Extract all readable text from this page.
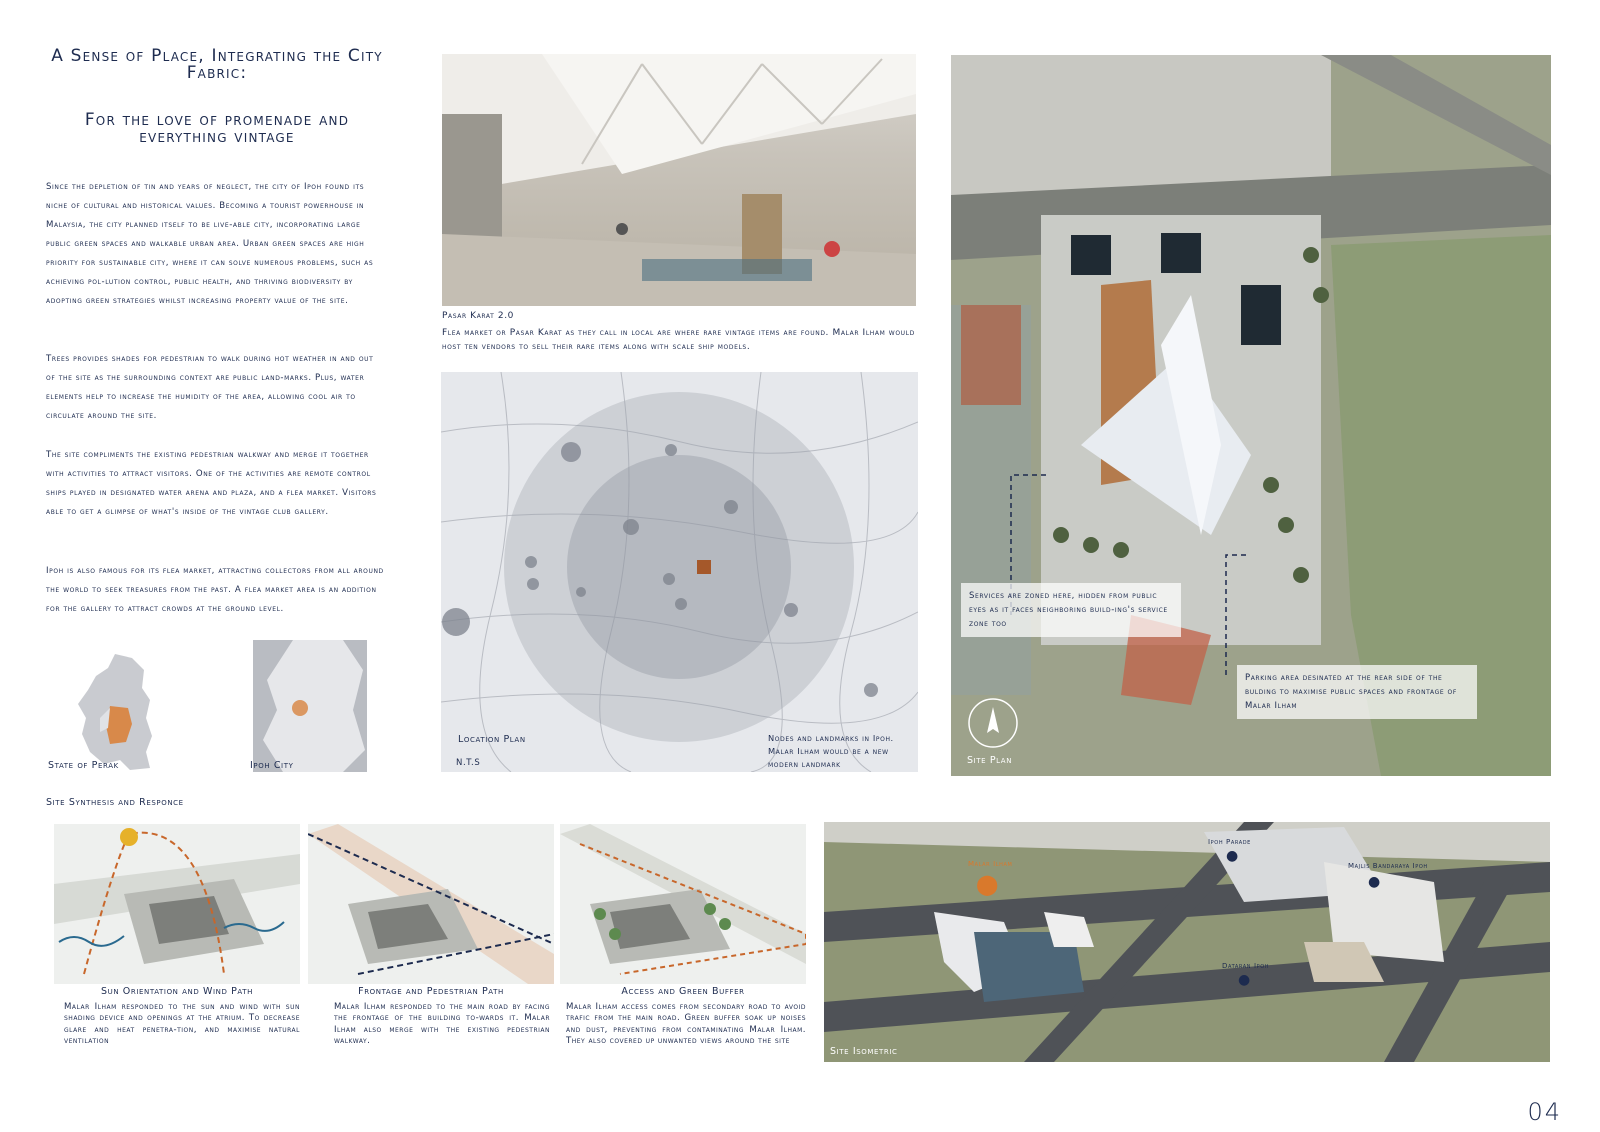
A Sense of Place, Integrating the City Fabric:
For the love of promenade and everything vintage
Since the depletion of tin and years of neglect, the city of Ipoh found its niche of cultural and historical values. Becoming a tourist powerhouse in Malaysia, the city planned itself to be live-able city, incorporating large public green spaces and walkable urban area. Urban green spaces are high priority for sustainable city, where it can solve numerous problems, such as achieving pol-lution control, public health, and thriving biodiversity by adopting green strategies whilst increasing property value of the site.
Trees provides shades for pedestrian to walk during hot weather in and out of the site as the surrounding context are public land-marks. Plus, water elements help to increase the humidity of the area, allowing cool air to circulate around the site.
The site compliments the existing pedestrian walkway and merge it together with activities to attract visitors. One of the activities are remote control ships played in designated water arena and plaza, and a flea market. Visitors able to get a glimpse of what's inside of the vintage club gallery.
Ipoh is also famous for its flea market, attracting collectors from all around the world to seek treasures from the past. A flea market area is an addition for the gallery to attract crowds at the ground level.
State of Perak	Ipoh City
Pasar Karat 2.0
Flea market or Pasar Karat as they call in local are where rare vintage items are found. Malar Ilham would host ten vendors to sell their rare items along with scale ship models.
Location Plan
N.T.S
Nodes and landmarks in Ipoh. Malar Ilham would be a new modern landmark
Services are zoned here, hidden from public eyes as it faces neighboring build-ing's service zone too
Parking area desinated at the rear side of the bulding to maximise public spaces and frontage of Malar Ilham
Site Plan
Site Synthesis and Responce
Sun Orientation and Wind Path
Malar Ilham responded to the sun and wind with sun shading device and openings at the atrium. To decrease glare and heat penetra-tion, and maximise natural ventilation
Frontage and Pedestrian Path
Malar Ilham responded to the main road by facing the frontage of the building to-wards it. Malar Ilham also merge with the existing pedestrian walkway.
Access and Green Buffer
Malar Ilham access comes from secondary road to avoid trafic from the main road. Green buffer soak up noises and dust, preventing from contaminating Malar Ilham. They also covered up unwanted views around the site
Malar Ilham
⬤
Ipoh Parade
●
Majlis Bandaraya Ipoh
●
Dataran Ipoh
●
Site Isometric
04
